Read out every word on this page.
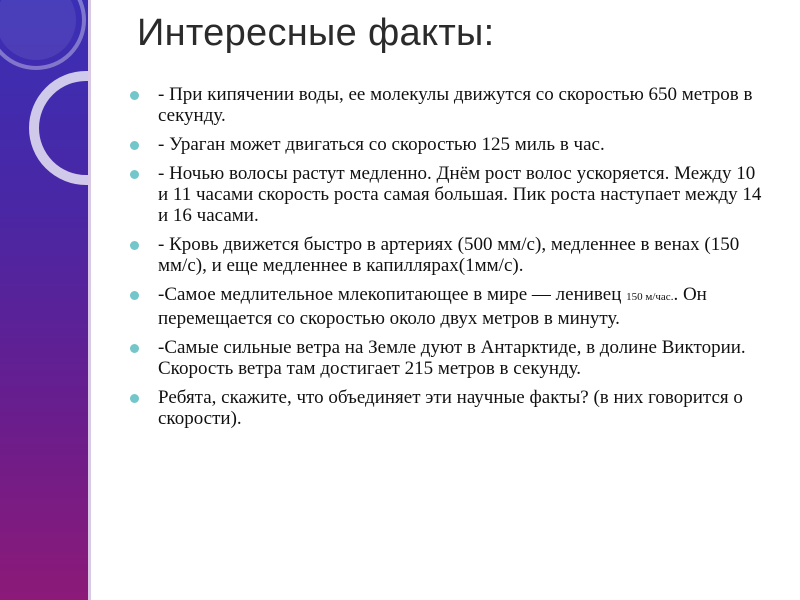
Интересные факты:
- При кипячении воды, ее молекулы движутся со скоростью 650 метров в секунду.
- Ураган может двигаться со скоростью 125 миль в час.
- Ночью волосы растут медленно. Днём рост волос ускоряется. Между 10 и 11 часами скорость роста самая большая. Пик роста наступает между 14 и 16 часами.
- Кровь движется быстро в артериях (500 мм/с), медленнее в венах (150 мм/с), и еще медленнее в капиллярах(1мм/с).
-Самое медлительное млекопитающее в мире — ленивец 150 м/час.. Он перемещается со скоростью около двух метров в минуту.
-Самые сильные ветра на Земле дуют в Антарктиде, в долине Виктории. Скорость ветра там достигает 215 метров в секунду.
Ребята, скажите, что объединяет эти научные факты? (в них говорится о скорости).
